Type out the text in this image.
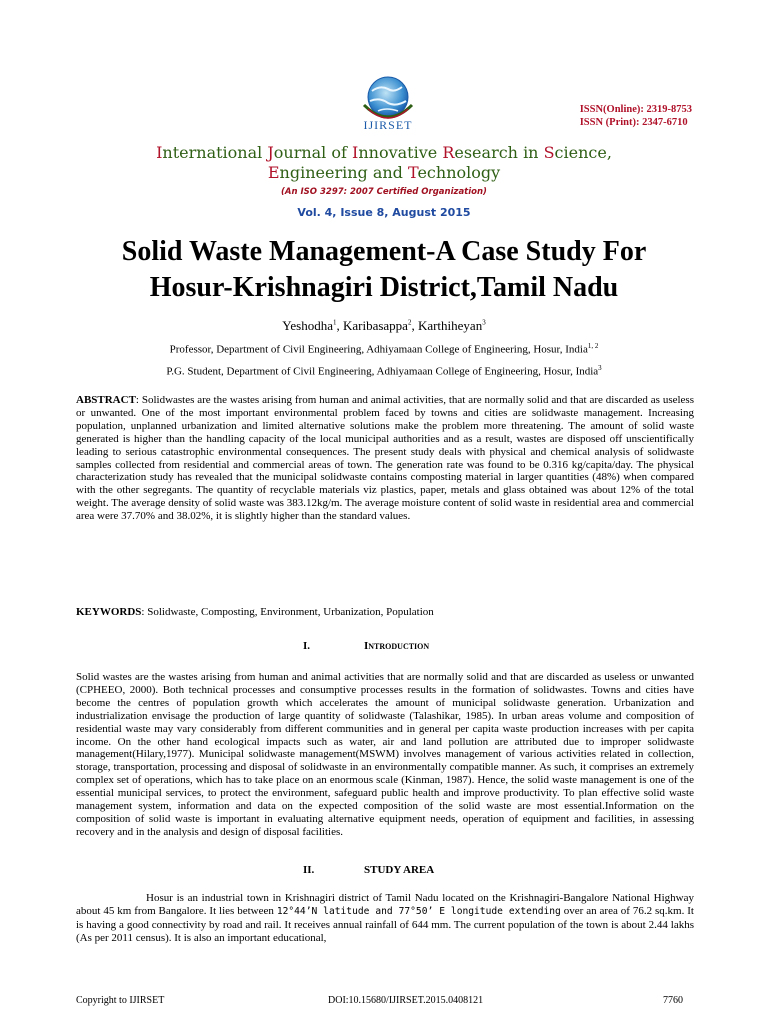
IJIRSET
ISSN(Online): 2319-8753
ISSN (Print): 2347-6710
International Journal of Innovative Research in Science,
Engineering and Technology
(An ISO 3297: 2007 Certified Organization)
Vol. 4, Issue 8, August 2015
Solid Waste Management-A Case Study For
Hosur-Krishnagiri District,Tamil Nadu
Yeshodha$^1$, Karibasappa$^2$, Karthiheyan$^3$
Professor, Department of Civil Engineering, Adhiyamaan College of Engineering, Hosur, India$^{1, 2}$
P.G. Student, Department of Civil Engineering, Adhiyamaan College of Engineering, Hosur, India$^3$
ABSTRACT: Solidwastes are the wastes arising from human and animal activities, that are normally solid and that are discarded as useless or unwanted. One of the most important environmental problem faced by towns and cities are solidwaste management. Increasing population, unplanned urbanization and limited alternative solutions make the problem more threatening. The amount of solid waste generated is higher than the handling capacity of the local municipal authorities and as a result, wastes are disposed off unscientifically leading to serious catastrophic environmental consequences. The present study deals with physical and chemical analysis of solidwaste samples collected from residential and commercial areas of town. The generation rate was found to be 0.316 kg/capita/day. The physical characterization study has revealed that the municipal solidwaste contains composting material in larger quantities (48%) when compared with the other segregants. The quantity of recyclable materials viz plastics, paper, metals and glass obtained was about 12% of the total weight. The average density of solid waste was 383.12kg/m. The average moisture content of solid waste in residential area and commercial area were 37.70% and 38.02%, it is slightly higher than the standard values.
KEYWORDS: Solidwaste, Composting, Environment, Urbanization, Population
I.	Introduction
Solid wastes are the wastes arising from human and animal activities that are normally solid and that are discarded as useless or unwanted (CPHEEO, 2000). Both technical processes and consumptive processes results in the formation of solidwastes. Towns and cities have become the centres of population growth which accelerates the amount of municipal solidwaste generation. Urbanization and industrialization envisage the production of large quantity of solidwaste (Talashikar, 1985). In urban areas volume and composition of residential waste may vary considerably from different communities and in general per capita waste production increases with per capita income. On the other hand ecological impacts such as water, air and land pollution are attributed due to improper solidwaste management(Hilary,1977). Municipal solidwaste management(MSWM) involves management of various activities related in collection, storage, transportation, processing and disposal of solidwaste in an environmentally compatible manner. As such, it comprises an extremely complex set of operations, which has to take place on an enormous scale (Kinman, 1987). Hence, the solid waste management is one of the essential municipal services, to protect the environment, safeguard public health and improve productivity. To plan effective solid waste management system, information and data on the expected composition of the solid waste are most essential.Information on the composition of solid waste is important in evaluating alternative equipment needs, operation of equipment and facilities, in assessing recovery and in the analysis and design of disposal facilities.
II.	STUDY AREA
Hosur is an industrial town in Krishnagiri district of Tamil Nadu located on the Krishnagiri-Bangalore National Highway about 45 km from Bangalore. It lies between 12°44’N latitude and 77°50’ E longitude extending over an area of 76.2 sq.km. It is having a good connectivity by road and rail. It receives annual rainfall of 644 mm. The current population of the town is about 2.44 lakhs (As per 2011 census). It is also an important educational,
Copyright to IJIRSET	DOI:10.15680/IJIRSET.2015.0408121	7760
